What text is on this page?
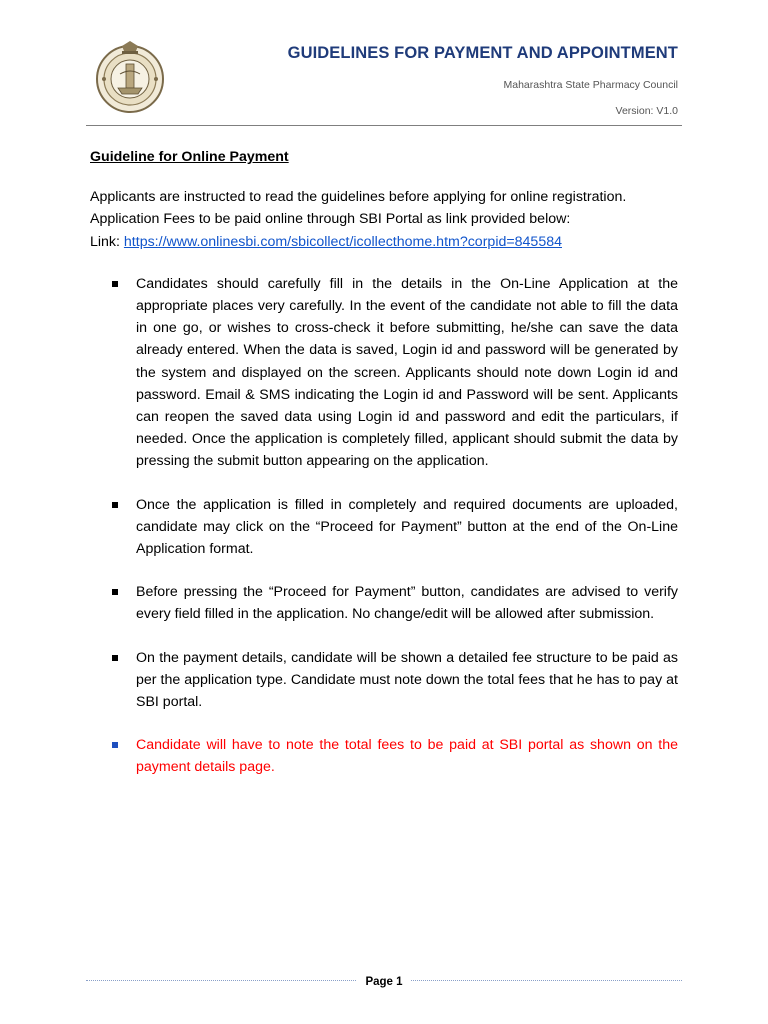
GUIDELINES FOR PAYMENT AND APPOINTMENT
Maharashtra State Pharmacy Council
Version: V1.0
Guideline for Online Payment

Applicants are instructed to read the guidelines before applying for online registration.

Application Fees to be paid online through SBI Portal as link provided below:

Link: https://www.onlinesbi.com/sbicollect/icollecthome.htm?corpid=845584

Candidates should carefully fill in the details in the On-Line Application at the appropriate places very carefully. In the event of the candidate not able to fill the data in one go, or wishes to cross-check it before submitting, he/she can save the data already entered. When the data is saved, Login id and password will be generated by the system and displayed on the screen. Applicants should note down Login id and password. Email & SMS indicating the Login id and Password will be sent. Applicants can reopen the saved data using Login id and password and edit the particulars, if needed. Once the application is completely filled, applicant should submit the data by pressing the submit button appearing on the application.
Once the application is filled in completely and required documents are uploaded, candidate may click on the “Proceed for Payment” button at the end of the On-Line Application format.
Before pressing the “Proceed for Payment” button, candidates are advised to verify every field filled in the application. No change/edit will be allowed after submission.
On the payment details, candidate will be shown a detailed fee structure to be paid as per the application type. Candidate must note down the total fees that he has to pay at SBI portal.
Candidate will have to note the total fees to be paid at SBI portal as shown on the payment details page.
Page 1
